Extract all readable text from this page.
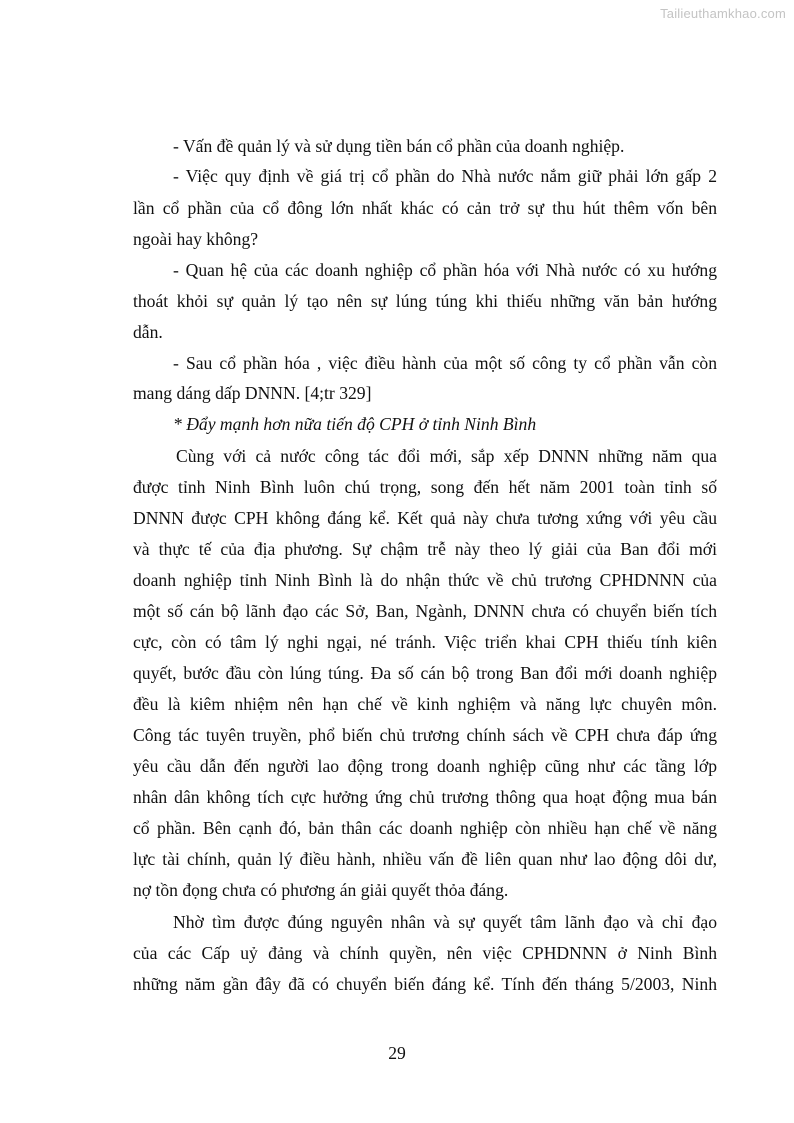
Tailieuthamkhao.com
- Vấn đề quản lý và sử dụng tiền bán cổ phần của doanh nghiệp.
- Việc quy định về giá trị cổ phần do Nhà nước nắm giữ phải lớn gấp 2
lần cổ phần của cổ đông lớn nhất khác có cản trở sự thu hút thêm vốn bên
ngoài hay không?
- Quan hệ của các doanh nghiệp cổ phần hóa với Nhà nước có xu hướng
thoát khỏi sự quản lý tạo nên sự lúng túng khi thiếu những văn bản hướng
dẫn.
- Sau cổ phần hóa , việc điều hành của một số công ty cổ phần vẫn còn
mang dáng dấp DNNN. [4;tr 329]
* Đẩy mạnh hơn nữa tiến độ CPH ở tỉnh Ninh Bình
Cùng với cả nước công tác đổi mới, sắp xếp DNNN những năm qua
được tỉnh Ninh Bình luôn chú trọng, song đến hết năm 2001 toàn tỉnh số
DNNN được CPH không đáng kể. Kết quả này chưa tương xứng với yêu cầu
và thực tế của địa phương. Sự chậm trễ này theo lý giải của Ban đổi mới
doanh nghiệp tỉnh Ninh Bình là do nhận thức về chủ trương CPHDNNN của
một số cán bộ lãnh đạo các Sở, Ban, Ngành, DNNN chưa có chuyển biến tích
cực, còn có tâm lý nghi ngại, né tránh. Việc triển khai CPH thiếu tính kiên
quyết, bước đầu còn lúng túng. Đa số cán bộ trong Ban đổi mới doanh nghiệp
đều là kiêm nhiệm nên hạn chế về kinh nghiệm và năng lực chuyên môn.
Công tác tuyên truyền, phổ biến chủ trương chính sách về CPH chưa đáp ứng
yêu cầu dẫn đến người lao động trong doanh nghiệp cũng như các tầng lớp
nhân dân không tích cực hưởng ứng chủ trương thông qua hoạt động mua bán
cổ phần. Bên cạnh đó, bản thân các doanh nghiệp còn nhiều hạn chế về năng
lực tài chính, quản lý điều hành, nhiều vấn đề liên quan như lao động dôi dư,
nợ tồn đọng chưa có phương án giải quyết thỏa đáng.
Nhờ tìm được đúng nguyên nhân và sự quyết tâm lãnh đạo và chỉ đạo
của các Cấp uỷ đảng và chính quyền, nên việc CPHDNNN ở Ninh Bình
những năm gần đây đã có chuyển biến đáng kể. Tính đến tháng 5/2003, Ninh
29
